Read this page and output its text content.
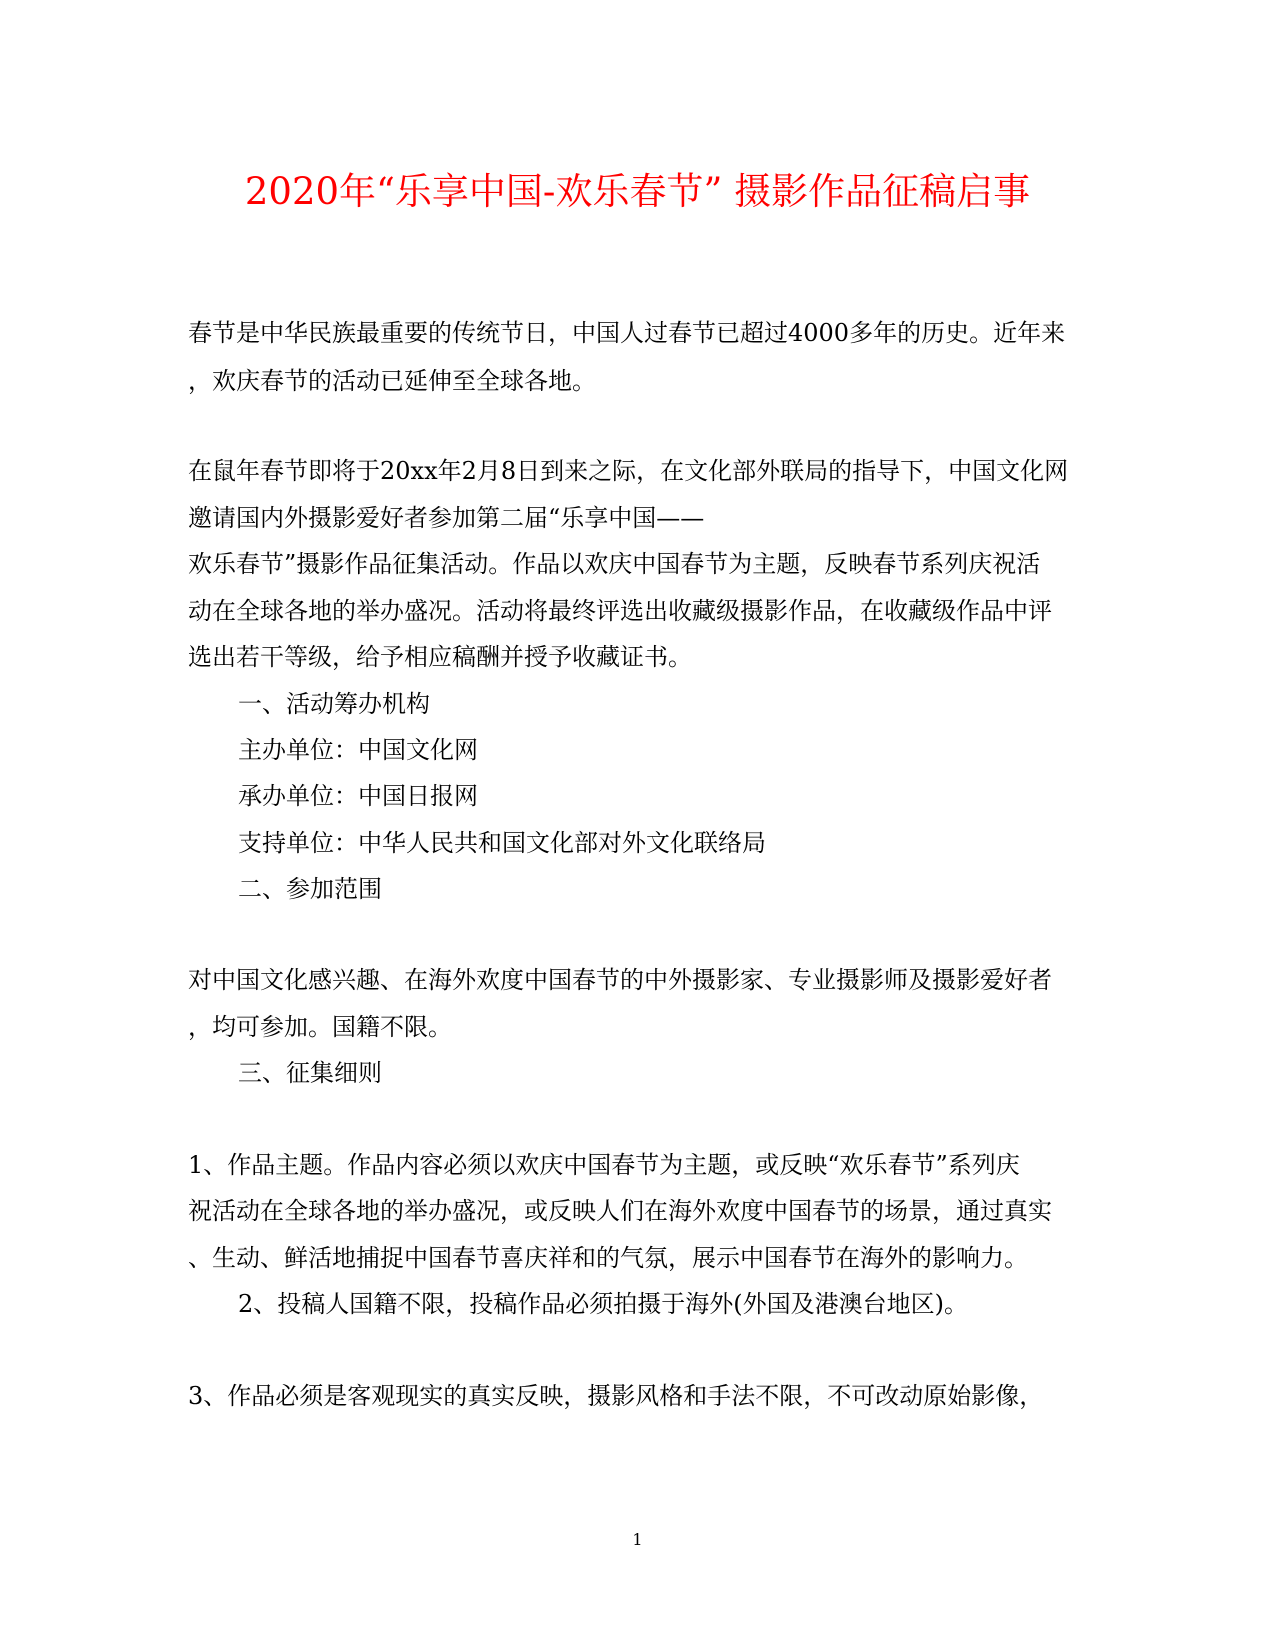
2020年“乐享中国-欢乐春节” 摄影作品征稿启事
春节是中华民族最重要的传统节日，中国人过春节已超过4000多年的历史。近年来
，欢庆春节的活动已延伸至全球各地。
在鼠年春节即将于20xx年2月8日到来之际，在文化部外联局的指导下，中国文化网
邀请国内外摄影爱好者参加第二届“乐享中国——
欢乐春节”摄影作品征集活动。作品以欢庆中国春节为主题，反映春节系列庆祝活
动在全球各地的举办盛况。活动将最终评选出收藏级摄影作品，在收藏级作品中评
选出若干等级，给予相应稿酬并授予收藏证书。
一、活动筹办机构
主办单位：中国文化网
承办单位：中国日报网
支持单位：中华人民共和国文化部对外文化联络局
二、参加范围
对中国文化感兴趣、在海外欢度中国春节的中外摄影家、专业摄影师及摄影爱好者
，均可参加。国籍不限。
三、征集细则
1、作品主题。作品内容必须以欢庆中国春节为主题，或反映“欢乐春节”系列庆
祝活动在全球各地的举办盛况，或反映人们在海外欢度中国春节的场景，通过真实
、生动、鲜活地捕捉中国春节喜庆祥和的气氛，展示中国春节在海外的影响力。
2、投稿人国籍不限，投稿作品必须拍摄于海外(外国及港澳台地区)。
3、作品必须是客观现实的真实反映，摄影风格和手法不限，不可改动原始影像，
1
